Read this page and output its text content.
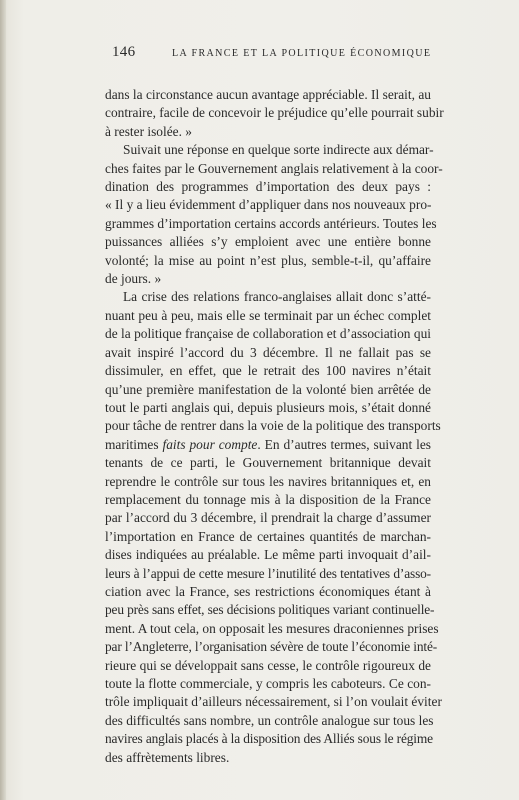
146	LA FRANCE ET LA POLITIQUE ÉCONOMIQUE
dans la circonstance aucun avantage appréciable. Il serait, au
contraire, facile de concevoir le préjudice qu’elle pourrait subir
à rester isolée. »
Suivait une réponse en quelque sorte indirecte aux démar-
ches faites par le Gouvernement anglais relativement à la coor-
dination des programmes d’importation des deux pays :
« Il y a lieu évidemment d’appliquer dans nos nouveaux pro-
grammes d’importation certains accords antérieurs. Toutes les
puissances alliées s’y emploient avec une entière bonne
volonté; la mise au point n’est plus, semble-t-il, qu’affaire
de jours. »
La crise des relations franco-anglaises allait donc s’atté-
nuant peu à peu, mais elle se terminait par un échec complet
de la politique française de collaboration et d’association qui
avait inspiré l’accord du 3 décembre. Il ne fallait pas se
dissimuler, en effet, que le retrait des 100 navires n’était
qu’une première manifestation de la volonté bien arrêtée de
tout le parti anglais qui, depuis plusieurs mois, s’était donné
pour tâche de rentrer dans la voie de la politique des transports
maritimes faits pour compte. En d’autres termes, suivant les
tenants de ce parti, le Gouvernement britannique devait
reprendre le contrôle sur tous les navires britanniques et, en
remplacement du tonnage mis à la disposition de la France
par l’accord du 3 décembre, il prendrait la charge d’assumer
l’importation en France de certaines quantités de marchan-
dises indiquées au préalable. Le même parti invoquait d’ail-
leurs à l’appui de cette mesure l’inutilité des tentatives d’asso-
ciation avec la France, ses restrictions économiques étant à
peu près sans effet, ses décisions politiques variant continuelle-
ment. A tout cela, on opposait les mesures draconiennes prises
par l’Angleterre, l’organisation sévère de toute l’économie inté-
rieure qui se développait sans cesse, le contrôle rigoureux de
toute la flotte commerciale, y compris les caboteurs. Ce con-
trôle impliquait d’ailleurs nécessairement, si l’on voulait éviter
des difficultés sans nombre, un contrôle analogue sur tous les
navires anglais placés à la disposition des Alliés sous le régime
des affrètements libres.
